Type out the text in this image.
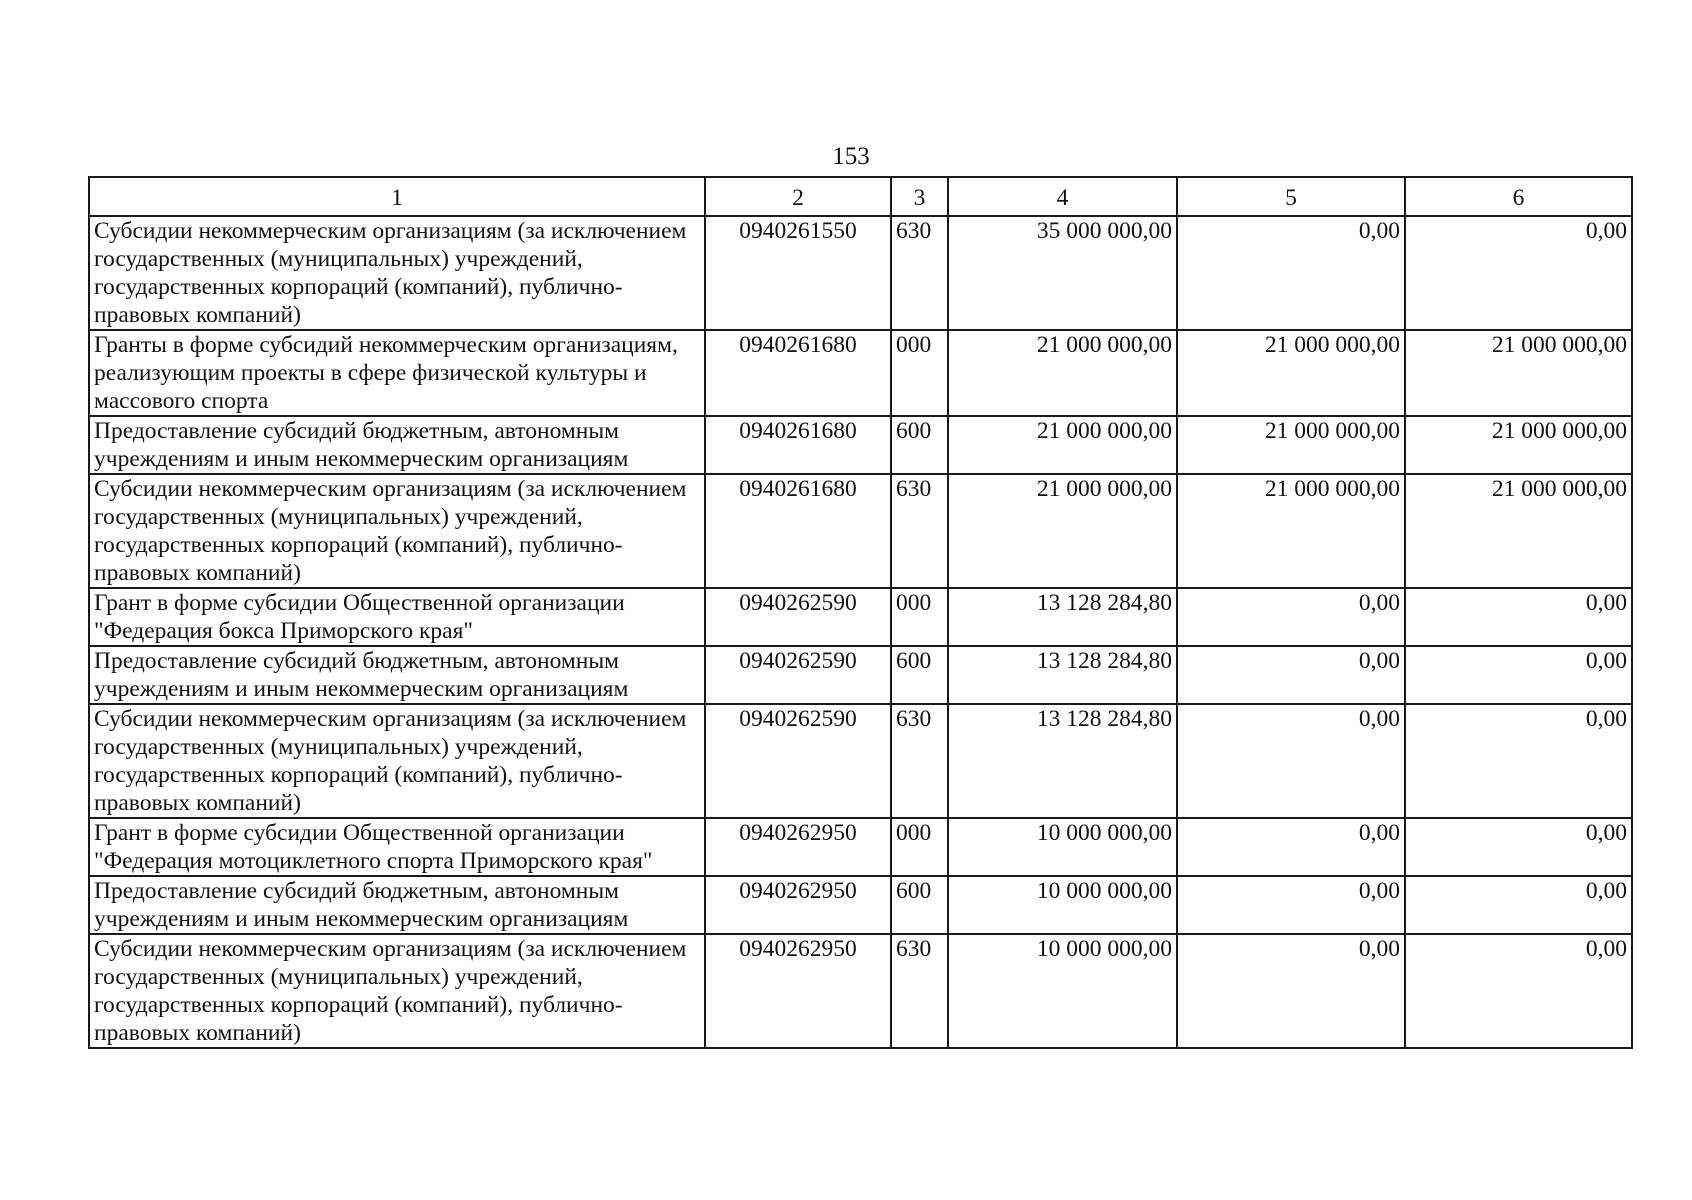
153
1	2	3	4	5	6
Субсидии некоммерческим организациям (за исключением государственных (муниципальных) учреждений, государственных корпораций (компаний), публично-правовых компаний)	0940261550	630	35 000 000,00	0,00	0,00
Гранты в форме субсидий некоммерческим организациям, реализующим проекты в сфере физической культуры и массового спорта	0940261680	000	21 000 000,00	21 000 000,00	21 000 000,00
Предоставление субсидий бюджетным, автономным учреждениям и иным некоммерческим организациям	0940261680	600	21 000 000,00	21 000 000,00	21 000 000,00
Субсидии некоммерческим организациям (за исключением государственных (муниципальных) учреждений, государственных корпораций (компаний), публично-правовых компаний)	0940261680	630	21 000 000,00	21 000 000,00	21 000 000,00
Грант в форме субсидии Общественной организации "Федерация бокса Приморского края"	0940262590	000	13 128 284,80	0,00	0,00
Предоставление субсидий бюджетным, автономным учреждениям и иным некоммерческим организациям	0940262590	600	13 128 284,80	0,00	0,00
Субсидии некоммерческим организациям (за исключением государственных (муниципальных) учреждений, государственных корпораций (компаний), публично-правовых компаний)	0940262590	630	13 128 284,80	0,00	0,00
Грант в форме субсидии Общественной организации "Федерация мотоциклетного спорта Приморского края"	0940262950	000	10 000 000,00	0,00	0,00
Предоставление субсидий бюджетным, автономным учреждениям и иным некоммерческим организациям	0940262950	600	10 000 000,00	0,00	0,00
Субсидии некоммерческим организациям (за исключением государственных (муниципальных) учреждений, государственных корпораций (компаний), публично-правовых компаний)	0940262950	630	10 000 000,00	0,00	0,00
